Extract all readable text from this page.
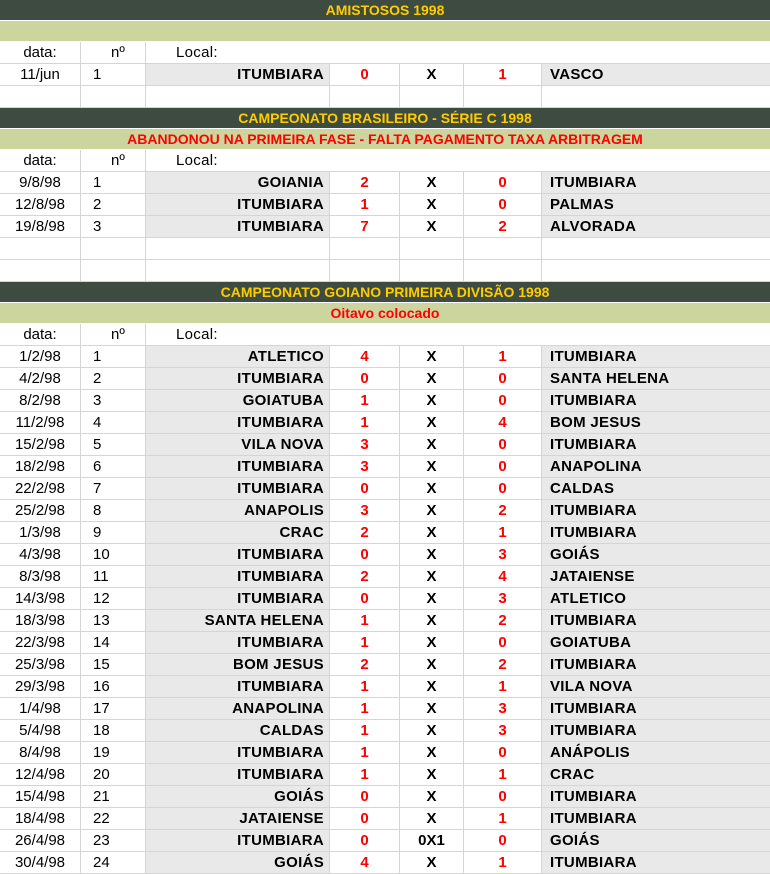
AMISTOSOS 1998
data:	nº	Local:
11/jun	1	ITUMBIARA	0	X	1	VASCO
CAMPEONATO BRASILEIRO - SÉRIE C 1998
ABANDONOU NA PRIMEIRA FASE - FALTA PAGAMENTO TAXA ARBITRAGEM
data:	nº	Local:
9/8/98	1	GOIANIA	2	X	0	ITUMBIARA
12/8/98	2	ITUMBIARA	1	X	0	PALMAS
19/8/98	3	ITUMBIARA	7	X	2	ALVORADA
CAMPEONATO GOIANO PRIMEIRA DIVISÃO 1998
Oitavo colocado
data:	nº	Local:
1/2/98	1	ATLETICO	4	X	1	ITUMBIARA
4/2/98	2	ITUMBIARA	0	X	0	SANTA HELENA
8/2/98	3	GOIATUBA	1	X	0	ITUMBIARA
11/2/98	4	ITUMBIARA	1	X	4	BOM JESUS
15/2/98	5	VILA NOVA	3	X	0	ITUMBIARA
18/2/98	6	ITUMBIARA	3	X	0	ANAPOLINA
22/2/98	7	ITUMBIARA	0	X	0	CALDAS
25/2/98	8	ANAPOLIS	3	X	2	ITUMBIARA
1/3/98	9	CRAC	2	X	1	ITUMBIARA
4/3/98	10	ITUMBIARA	0	X	3	GOIÁS
8/3/98	11	ITUMBIARA	2	X	4	JATAIENSE
14/3/98	12	ITUMBIARA	0	X	3	ATLETICO
18/3/98	13	SANTA HELENA	1	X	2	ITUMBIARA
22/3/98	14	ITUMBIARA	1	X	0	GOIATUBA
25/3/98	15	BOM JESUS	2	X	2	ITUMBIARA
29/3/98	16	ITUMBIARA	1	X	1	VILA NOVA
1/4/98	17	ANAPOLINA	1	X	3	ITUMBIARA
5/4/98	18	CALDAS	1	X	3	ITUMBIARA
8/4/98	19	ITUMBIARA	1	X	0	ANÁPOLIS
12/4/98	20	ITUMBIARA	1	X	1	CRAC
15/4/98	21	GOIÁS	0	X	0	ITUMBIARA
18/4/98	22	JATAIENSE	0	X	1	ITUMBIARA
26/4/98	23	ITUMBIARA	0	0X1	0	GOIÁS
30/4/98	24	GOIÁS	4	X	1	ITUMBIARA
